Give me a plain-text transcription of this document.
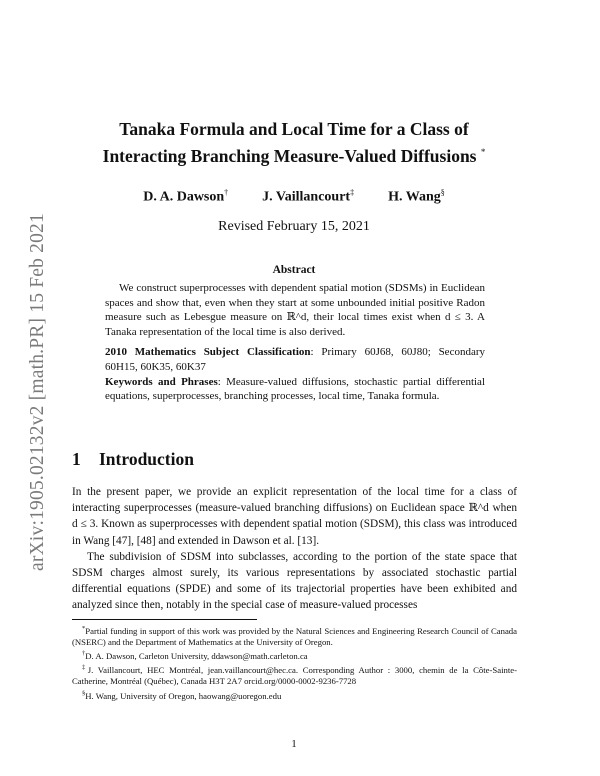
arXiv:1905.02132v2 [math.PR] 15 Feb 2021
Tanaka Formula and Local Time for a Class of
Interacting Branching Measure-Valued Diffusions *
D. A. Dawson† J. Vaillancourt‡ H. Wang§
Revised February 15, 2021
Abstract

We construct superprocesses with dependent spatial motion (SDSMs) in Euclidean spaces and show that, even when they start at some unbounded initial positive Radon measure such as Lebesgue measure on ℝ^d, their local times exist when d ≤ 3. A Tanaka representation of the local time is also derived.

2010 Mathematics Subject Classification: Primary 60J68, 60J80; Secondary 60H15, 60K35, 60K37

Keywords and Phrases: Measure-valued diffusions, stochastic partial differential equations, superprocesses, branching processes, local time, Tanaka formula.

1 Introduction

In the present paper, we provide an explicit representation of the local time for a class of interacting superprocesses (measure-valued branching diffusions) on Euclidean space ℝ^d when d ≤ 3. Known as superprocesses with dependent spatial motion (SDSM), this class was introduced in Wang [47], [48] and extended in Dawson et al. [13].

The subdivision of SDSM into subclasses, according to the portion of the state space that SDSM charges almost surely, its various representations by associated stochastic partial differential equations (SPDE) and some of its trajectorial properties have been exhibited and analyzed since then, notably in the special case of measure-valued processes

*Partial funding in support of this work was provided by the Natural Sciences and Engineering Research Council of Canada (NSERC) and the Department of Mathematics at the University of Oregon.

†D. A. Dawson, Carleton University, ddawson@math.carleton.ca

‡J. Vaillancourt, HEC Montréal, jean.vaillancourt@hec.ca. Corresponding Author : 3000, chemin de la Côte-Sainte-Catherine, Montréal (Québec), Canada H3T 2A7 orcid.org/0000-0002-9236-7728

§H. Wang, University of Oregon, haowang@uoregon.edu

1
